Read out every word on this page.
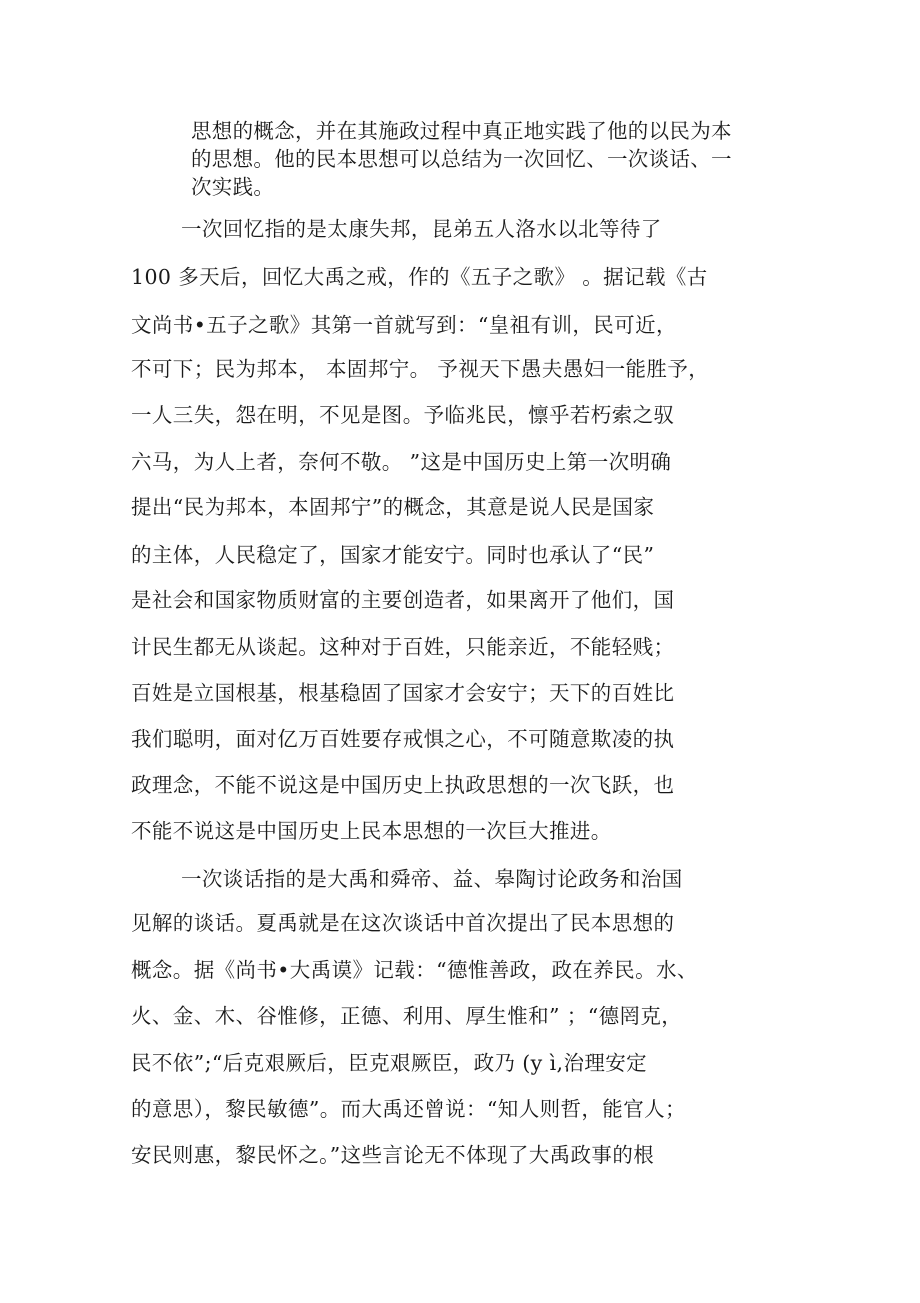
思想的概念，并在其施政过程中真正地实践了他的以民为本
的思想。他的民本思想可以总结为一次回忆、一次谈话、一
次实践。
一次回忆指的是太康失邦，昆弟五人洛水以北等待了
100 多天后，回忆大禹之戒，作的《五子之歌》 。据记载《古
文尚书•五子之歌》其第一首就写到：“皇祖有训，民可近，
不可下；民为邦本， 本固邦宁。 予视天下愚夫愚妇一能胜予，
一人三失，怨在明，不见是图。予临兆民，懔乎若朽索之驭
六马，为人上者，奈何不敬。 ”这是中国历史上第一次明确
提出“民为邦本，本固邦宁”的概念，其意是说人民是国家
的主体，人民稳定了，国家才能安宁。同时也承认了“民”
是社会和国家物质财富的主要创造者，如果离开了他们，国
计民生都无从谈起。这种对于百姓，只能亲近，不能轻贱；
百姓是立国根基，根基稳固了国家才会安宁；天下的百姓比
我们聪明，面对亿万百姓要存戒惧之心，不可随意欺凌的执
政理念，不能不说这是中国历史上执政思想的一次飞跃，也
不能不说这是中国历史上民本思想的一次巨大推进。
一次谈话指的是大禹和舜帝、益、皋陶讨论政务和治国
见解的谈话。夏禹就是在这次谈话中首次提出了民本思想的
概念。据《尚书•大禹谟》记载：“德惟善政，政在养民。水、
火、金、木、谷惟修，正德、利用、厚生惟和” ；“德罔克，
民不依”;“后克艰厥后，臣克艰厥臣，政乃 (y ì,治理安定
的意思），黎民敏德”。而大禹还曾说：“知人则哲，能官人；
安民则惠，黎民怀之。”这些言论无不体现了大禹政事的根
